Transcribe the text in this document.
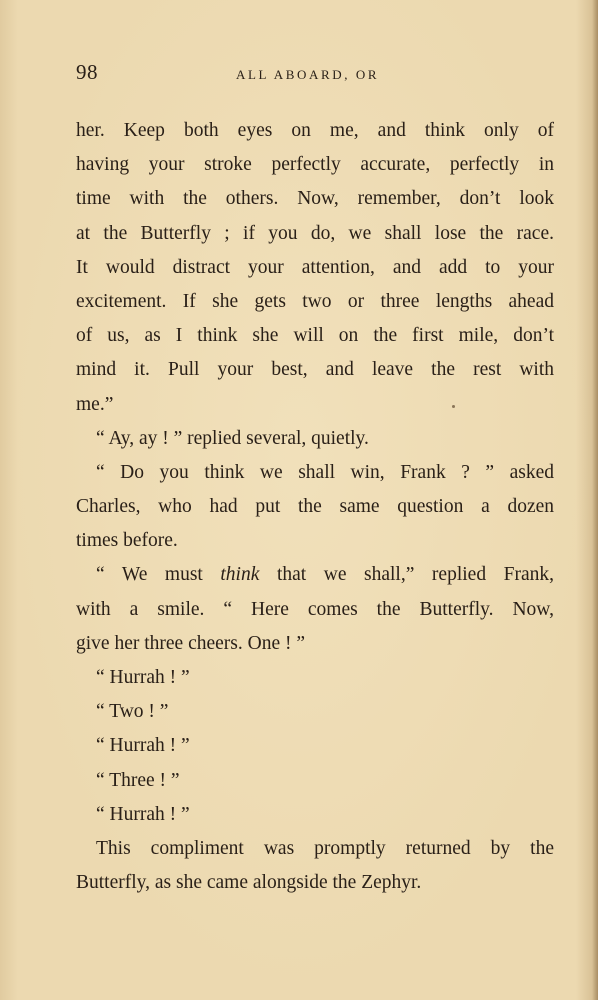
98	ALL ABOARD, OR
her. Keep both eyes on me, and think only of
having your stroke perfectly accurate, perfectly in
time with the others. Now, remember, don’t look
at the Butterfly ; if you do, we shall lose the race.
It would distract your attention, and add to your
excitement. If she gets two or three lengths ahead
of us, as I think she will on the first mile, don’t
mind it. Pull your best, and leave the rest with
me.”
“ Ay, ay ! ” replied several, quietly.
“ Do you think we shall win, Frank ? ” asked
Charles, who had put the same question a dozen
times before.
“ We must think that we shall,” replied Frank,
with a smile. “ Here comes the Butterfly. Now,
give her three cheers. One ! ”
“ Hurrah ! ”
“ Two ! ”
“ Hurrah ! ”
“ Three ! ”
“ Hurrah ! ”
This compliment was promptly returned by the
Butterfly, as she came alongside the Zephyr.
